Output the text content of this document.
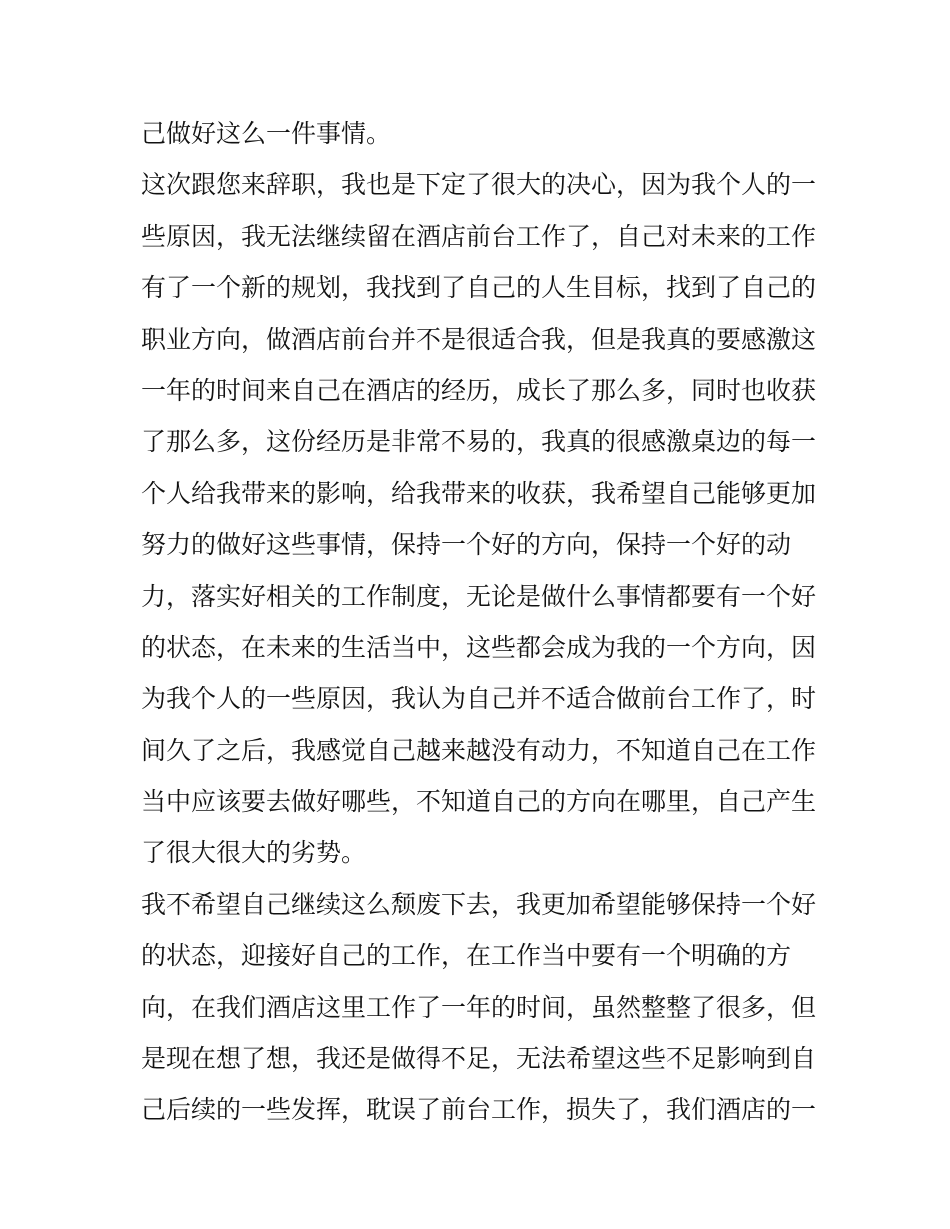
己做好这么一件事情。
这次跟您来辞职，我也是下定了很大的决心，因为我个人的一
些原因，我无法继续留在酒店前台工作了，自己对未来的工作
有了一个新的规划，我找到了自己的人生目标，找到了自己的
职业方向，做酒店前台并不是很适合我，但是我真的要感激这
一年的时间来自己在酒店的经历，成长了那么多，同时也收获
了那么多，这份经历是非常不易的，我真的很感激桌边的每一
个人给我带来的影响，给我带来的收获，我希望自己能够更加
努力的做好这些事情，保持一个好的方向，保持一个好的动
力，落实好相关的工作制度，无论是做什么事情都要有一个好
的状态，在未来的生活当中，这些都会成为我的一个方向，因
为我个人的一些原因，我认为自己并不适合做前台工作了，时
间久了之后，我感觉自己越来越没有动力，不知道自己在工作
当中应该要去做好哪些，不知道自己的方向在哪里，自己产生
了很大很大的劣势。
我不希望自己继续这么颓废下去，我更加希望能够保持一个好
的状态，迎接好自己的工作，在工作当中要有一个明确的方
向，在我们酒店这里工作了一年的时间，虽然整整了很多，但
是现在想了想，我还是做得不足，无法希望这些不足影响到自
己后续的一些发挥，耽误了前台工作，损失了，我们酒店的一
